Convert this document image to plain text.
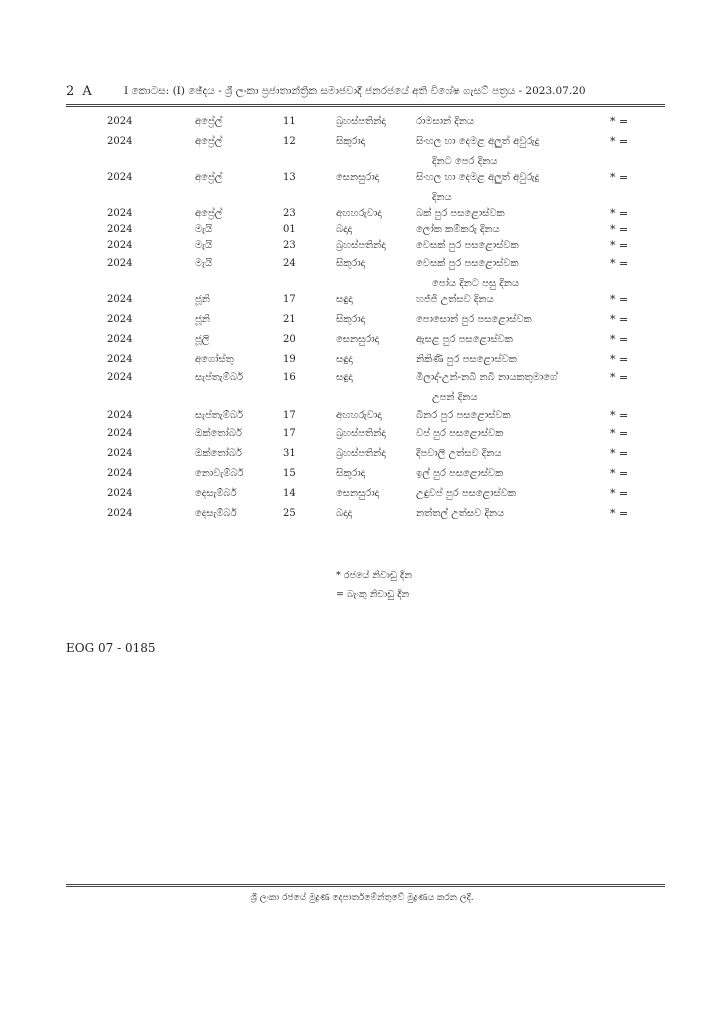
2 A	I කොටස: (I) ඡේදය - ශ්‍රී ලංකා ප්‍රජාතාන්ත්‍රික සමාජවාදී ජනරජයේ අති විශේෂ ගැසට් පත්‍රය - 2023.07.20
2024	අප්‍රේල්	11	බ්‍රහස්පතින්දා	රාමසාන් දිනය	* =
2024	අප්‍රේල්	12	සිකුරාදා	සිංහල හා දෙමළ අලුත් අවුරුදු	* =
දිනට පෙර දිනය
2024	අප්‍රේල්	13	සෙනසුරාදා	සිංහල හා දෙමළ අලුත් අවුරුදු	* =
දිනය
2024	අප්‍රේල්	23	අඟහරුවාදා	බක් පුර පසළොස්වක	* =
2024	මැයි	01	බදාදා	ලෝක කම්කරු දිනය	* =
2024	මැයි	23	බ්‍රහස්පතින්දා	වෙසක් පුර පසළොස්වක	* =
2024	මැයි	24	සිකුරාදා	වෙසක් පුර පසළොස්වක	* =
පෝය දිනට පසු දිනය
2024	ජූනි	17	සඳුදා	හජ්ජි උත්සව දිනය	* =
2024	ජූනි	21	සිකුරාදා	පොසොන් පුර පසළොස්වක	* =
2024	ජූලි	20	සෙනසුරාදා	ඇසළ පුර පසළොස්වක	* =
2024	අගෝස්තු	19	සඳුදා	නිකිණි පුර පසළොස්වක	* =
2024	සැප්තැම්බර්	16	සඳුදා	මීලාද්-උන්-නබි නබි නායකතුමාගේ	* =
උපන් දිනය
2024	සැප්තැම්බර්	17	අඟහරුවාදා	බිනර පුර පසළොස්වක	* =
2024	ඔක්තෝබර්	17	බ්‍රහස්පතින්දා	වප් පුර පසළොස්වක	* =
2024	ඔක්තෝබර්	31	බ්‍රහස්පතින්දා	දීපවාලි උත්සව දිනය	* =
2024	නොවැම්බර්	15	සිකුරාදා	ඉල් පුර පසළොස්වක	* =
2024	දෙසැම්බර්	14	සෙනසුරාදා	උඳුවප් පුර පසළොස්වක	* =
2024	දෙසැම්බර්	25	බදාදා	නත්තල් උත්සව දිනය	* =
* රජයේ නිවාඩු දින
= බැංකු නිවාඩු දින
EOG 07 - 0185
ශ්‍රී ලංකා රජයේ මුද්‍රණ දෙපාර්තමේන්තුවේ මුද්‍රණය කරන ලදී.
